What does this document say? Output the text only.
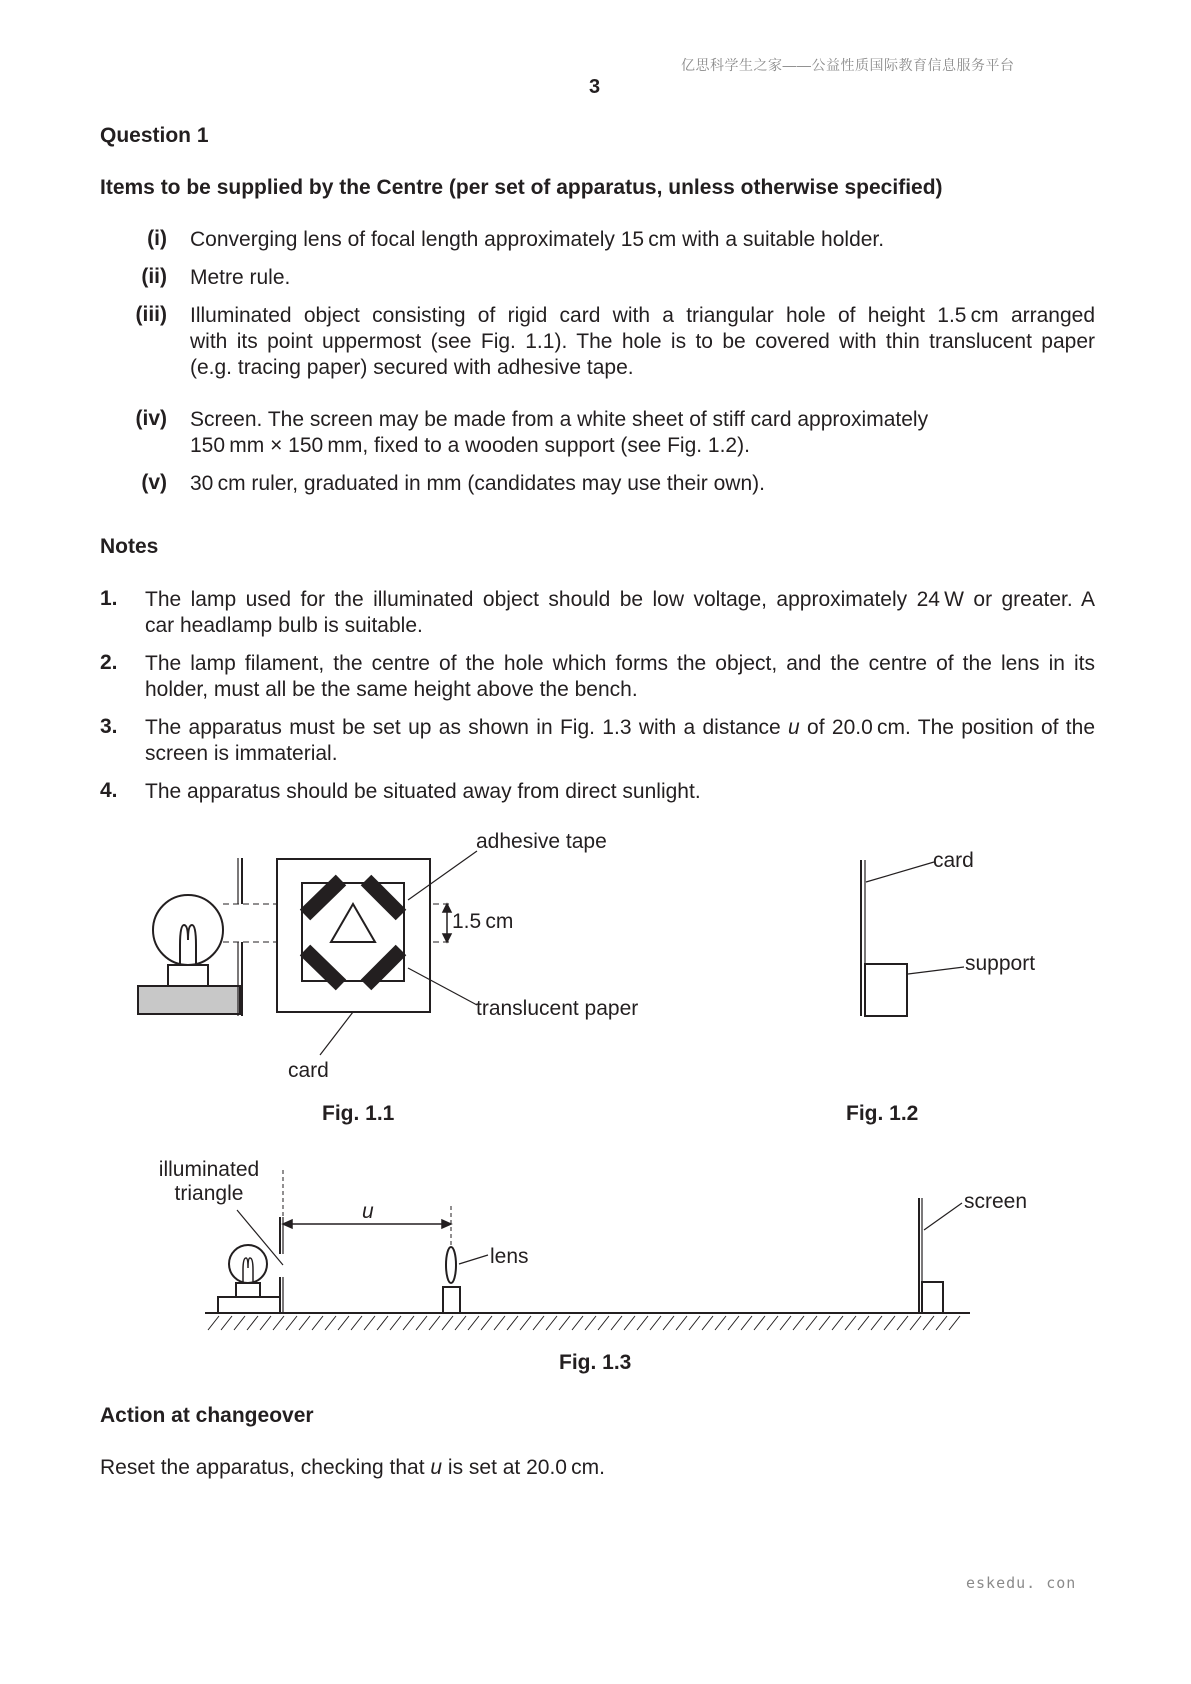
亿思科学生之家——公益性质国际教育信息服务平台
3
Question 1
Items to be supplied by the Centre (per set of apparatus, unless otherwise specified)
(i) Converging lens of focal length approximately 15 cm with a suitable holder.
(ii) Metre rule.
(iii) Illuminated object consisting of rigid card with a triangular hole of height 1.5 cm arranged
with its point uppermost (see Fig. 1.1). The hole is to be covered with thin translucent paper
(e.g. tracing paper) secured with adhesive tape.
(iv) Screen. The screen may be made from a white sheet of stiff card approximately
150 mm × 150 mm, fixed to a wooden support (see Fig. 1.2).
(v) 30 cm ruler, graduated in mm (candidates may use their own).
Notes
1. The lamp used for the illuminated object should be low voltage, approximately 24 W or greater. A
car headlamp bulb is suitable.
2. The lamp filament, the centre of the hole which forms the object, and the centre of the lens in its
holder, must all be the same height above the bench.
3. The apparatus must be set up as shown in Fig. 1.3 with a distance u of 20.0 cm. The position of the
screen is immaterial.
4. The apparatus should be situated away from direct sunlight.
adhesive tape
1.5 cm
translucent paper
card
Fig. 1.1
card
support
Fig. 1.2
illuminated
triangle
u
lens
screen
Fig. 1.3
Action at changeover
Reset the apparatus, checking that u is set at 20.0 cm.
eskedu. con
